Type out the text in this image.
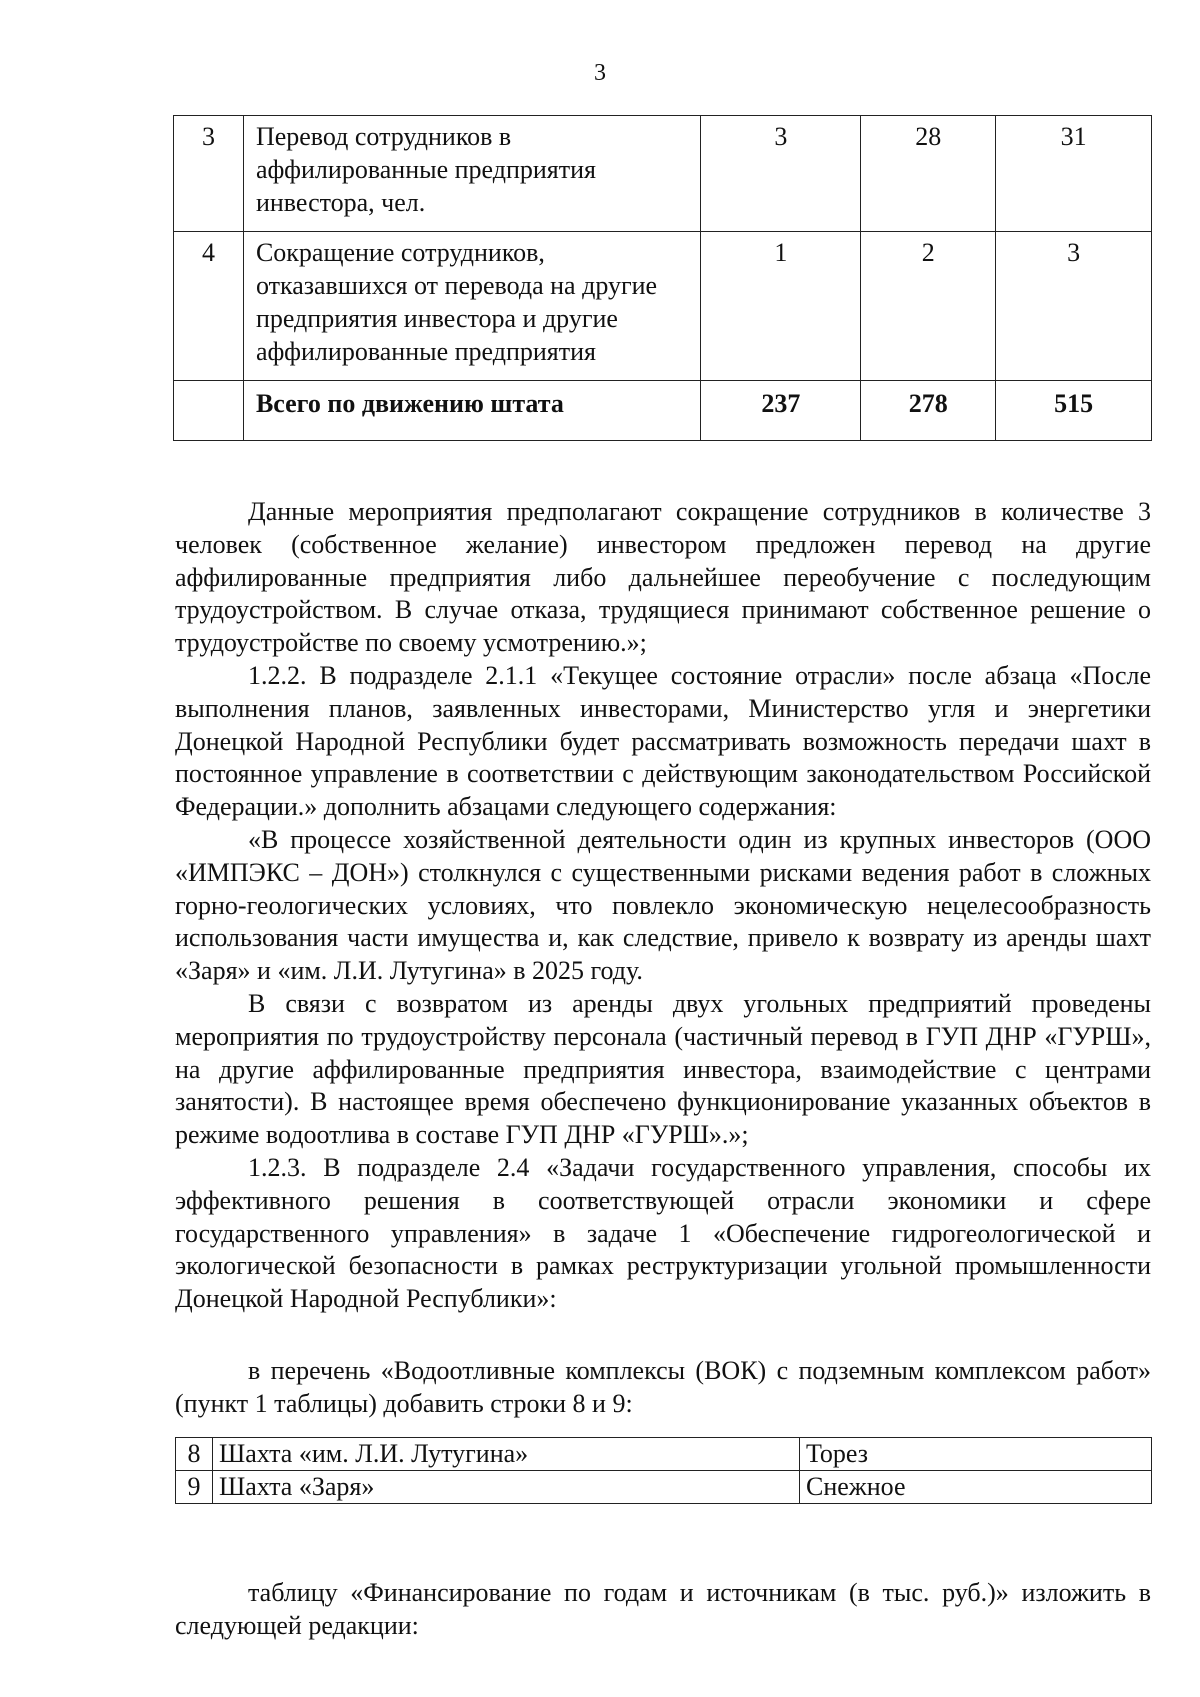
3
3	Перевод сотрудников в аффилированные предприятия инвестора, чел.	3	28	31
4	Сокращение сотрудников, отказавшихся от перевода на другие предприятия инвестора и другие аффилированные предприятия	1	2	3
	Всего по движению штата	237	278	515

Данные мероприятия предполагают сокращение сотрудников в количестве 3 человек (собственное желание) инвестором предложен перевод на другие аффилированные предприятия либо дальнейшее переобучение с последующим трудоустройством. В случае отказа, трудящиеся принимают собственное решение о трудоустройстве по своему усмотрению.»;

1.2.2. В подразделе 2.1.1 «Текущее состояние отрасли» после абзаца «После выполнения планов, заявленных инвесторами, Министерство угля и энергетики Донецкой Народной Республики будет рассматривать возможность передачи шахт в постоянное управление в соответствии с действующим законодательством Российской Федерации.» дополнить абзацами следующего содержания:

«В процессе хозяйственной деятельности один из крупных инвесторов (ООО «ИМПЭКС – ДОН») столкнулся с существенными рисками ведения работ в сложных горно-геологических условиях, что повлекло экономическую нецелесообразность использования части имущества и, как следствие, привело к возврату из аренды шахт «Заря» и «им. Л.И. Лутугина» в 2025 году.

В связи с возвратом из аренды двух угольных предприятий проведены мероприятия по трудоустройству персонала (частичный перевод в ГУП ДНР «ГУРШ», на другие аффилированные предприятия инвестора, взаимодействие с центрами занятости). В настоящее время обеспечено функционирование указанных объектов в режиме водоотлива в составе ГУП ДНР «ГУРШ».»;

1.2.3. В подразделе 2.4 «Задачи государственного управления, способы их эффективного решения в соответствующей отрасли экономики и сфере государственного управления» в задаче 1 «Обеспечение гидрогеологической и экологической безопасности в рамках реструктуризации угольной промышленности Донецкой Народной Республики»:

в перечень «Водоотливные комплексы (ВОК) с подземным комплексом работ» (пункт 1 таблицы) добавить строки 8 и 9:

8	Шахта «им. Л.И. Лутугина»	Торез
9	Шахта «Заря»	Снежное

таблицу «Финансирование по годам и источникам (в тыс. руб.)» изложить в следующей редакции:
